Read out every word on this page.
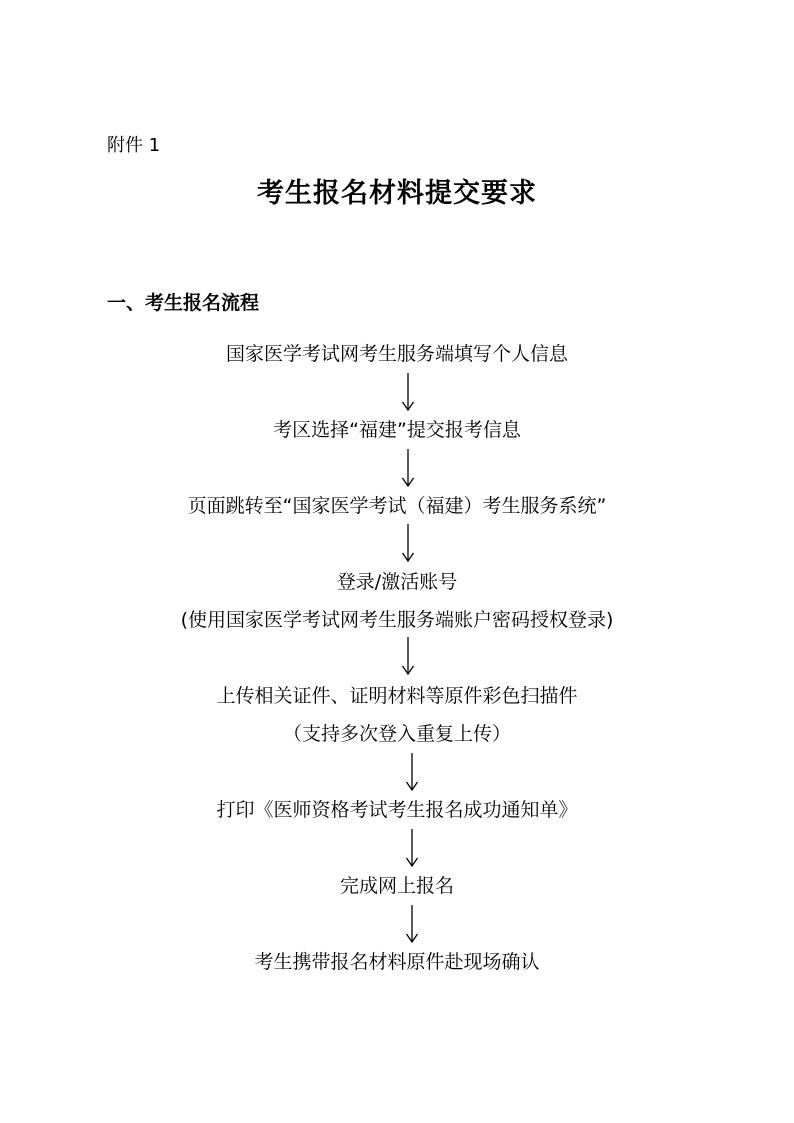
附件 1
考生报名材料提交要求
一、考生报名流程
国家医学考试网考生服务端填写个人信息
考区选择“福建”提交报考信息
页面跳转至“国家医学考试（福建）考生服务系统”
登录/激活账号
(使用国家医学考试网考生服务端账户密码授权登录)
上传相关证件、证明材料等原件彩色扫描件
（支持多次登入重复上传）
打印《医师资格考试考生报名成功通知单》
完成网上报名
考生携带报名材料原件赴现场确认
